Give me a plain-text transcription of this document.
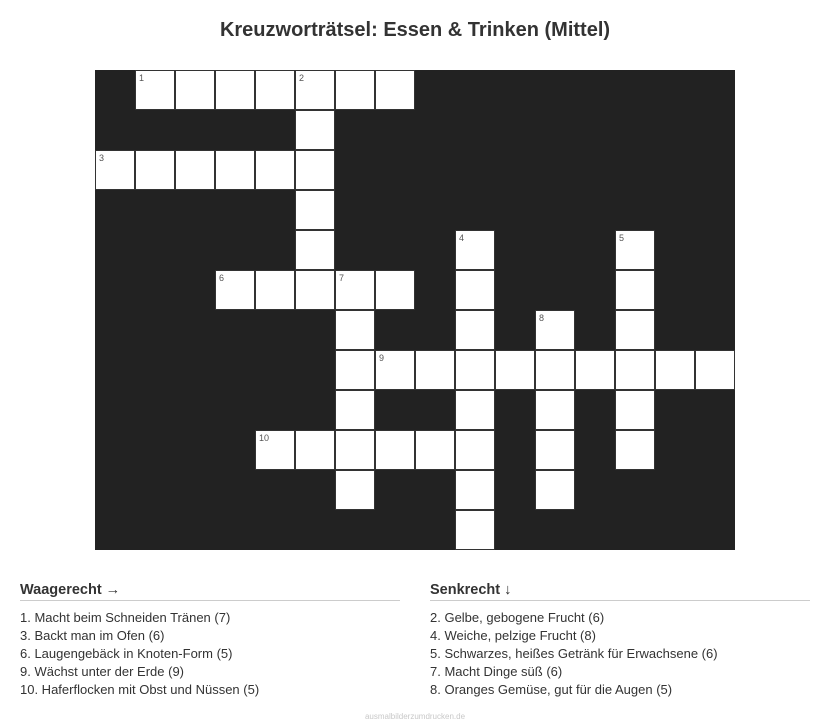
Kreuzworträtsel: Essen & Trinken (Mittel)
1	2
3
4	5
6	7
8
9
10
Waagerecht →
1. Macht beim Schneiden Tränen (7)
3. Backt man im Ofen (6)
6. Laugengebäck in Knoten-Form (5)
9. Wächst unter der Erde (9)
10. Haferflocken mit Obst und Nüssen (5)
Senkrecht ↓
2. Gelbe, gebogene Frucht (6)
4. Weiche, pelzige Frucht (8)
5. Schwarzes, heißes Getränk für Erwachsene (6)
7. Macht Dinge süß (6)
8. Oranges Gemüse, gut für die Augen (5)
ausmalbilderzumdrucken.de
